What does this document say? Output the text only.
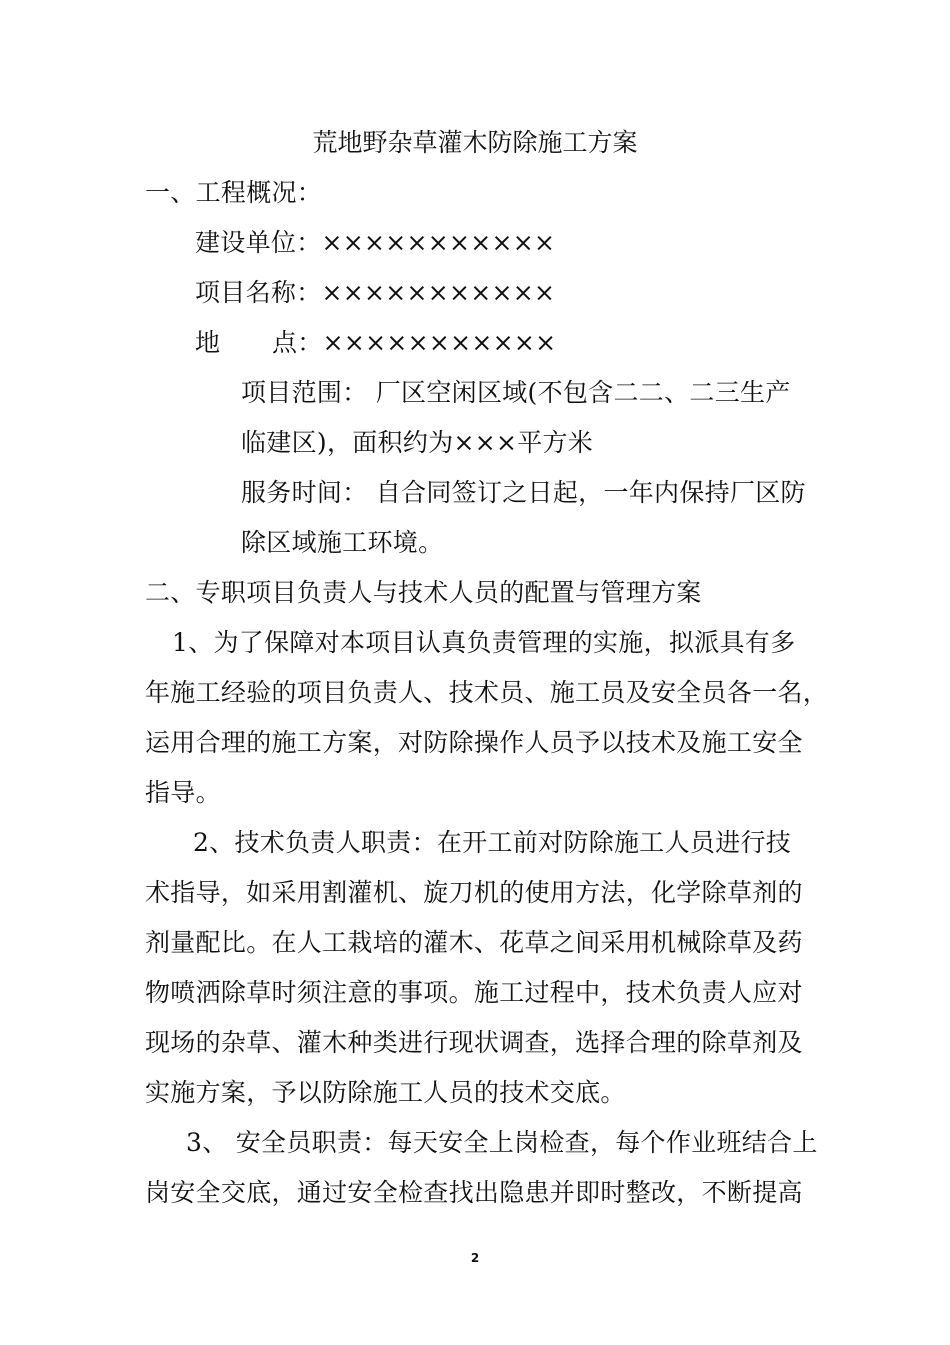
荒地野杂草灌木防除施工方案
一、工程概况：
建设单位：×××××××××××
项目名称：×××××××××××
地 点：×××××××××××
项目范围： 厂区空闲区域(不包含二二、二三生产
临建区)，面积约为×××平方米
服务时间： 自合同签订之日起，一年内保持厂区防
除区域施工环境。
二、专职项目负责人与技术人员的配置与管理方案
1、为了保障对本项目认真负责管理的实施，拟派具有多
年施工经验的项目负责人、技术员、施工员及安全员各一名，
运用合理的施工方案，对防除操作人员予以技术及施工安全
指导。
2、技术负责人职责：在开工前对防除施工人员进行技
术指导，如采用割灌机、旋刀机的使用方法，化学除草剂的
剂量配比。在人工栽培的灌木、花草之间采用机械除草及药
物喷洒除草时须注意的事项。施工过程中，技术负责人应对
现场的杂草、灌木种类进行现状调查，选择合理的除草剂及
实施方案，予以防除施工人员的技术交底。
3、 安全员职责：每天安全上岗检查，每个作业班结合上
岗安全交底，通过安全检查找出隐患并即时整改，不断提高
2
